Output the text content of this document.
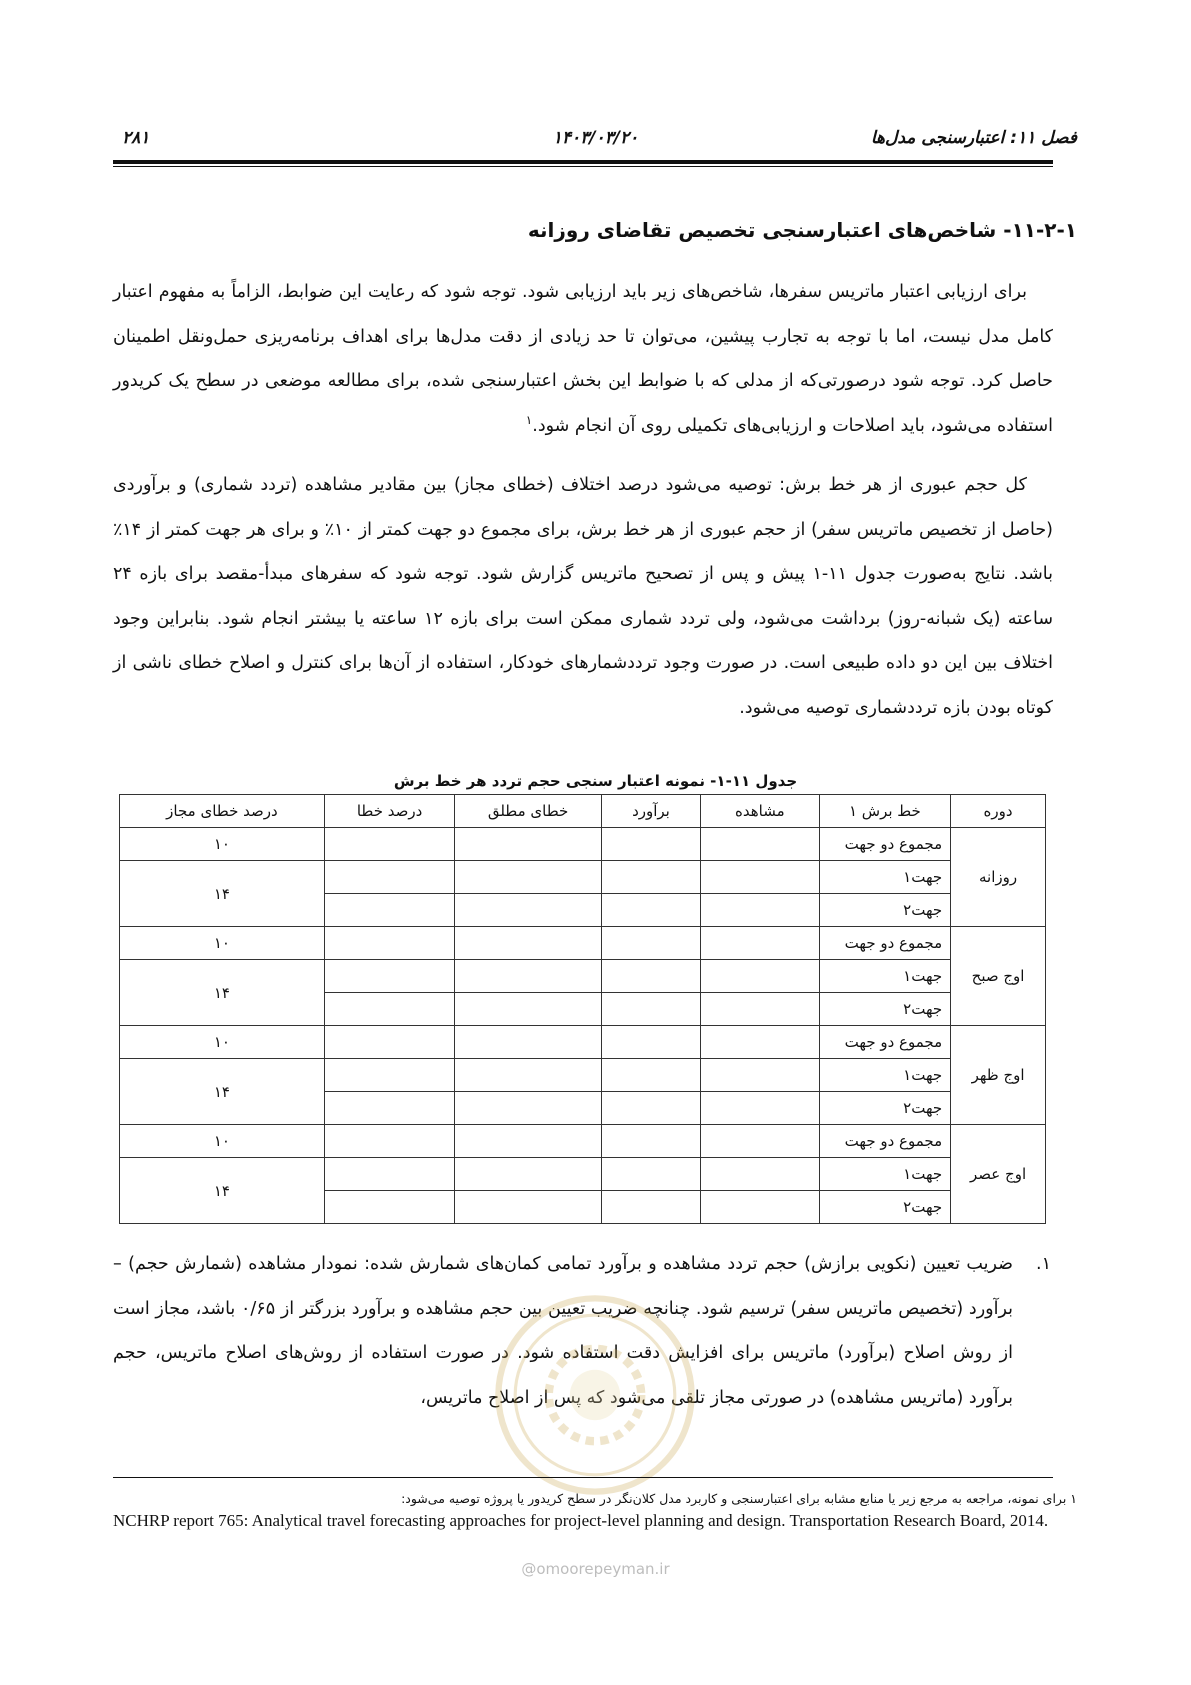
فصل ۱۱: اعتبارسنجی مدل‌ها
۱۴۰۳/۰۳/۲۰
۲۸۱
۱۱-۲-۱- شاخص‌های اعتبارسنجی تخصیص تقاضای روزانه
برای ارزیابی اعتبار ماتریس سفرها، شاخص‌های زیر باید ارزیابی شود. توجه شود که رعایت این ضوابط، الزاماً به مفهوم اعتبار کامل مدل نیست، اما با توجه به تجارب پیشین، می‌توان تا حد زیادی از دقت مدل‌ها برای اهداف برنامه‌ریزی حمل‌ونقل اطمینان حاصل کرد. توجه شود درصورتی‌که از مدلی که با ضوابط این بخش اعتبارسنجی شده، برای مطالعه موضعی در سطح یک کریدور استفاده می‌شود، باید اصلاحات و ارزیابی‌های تکمیلی روی آن انجام شود.$^۱$
کل حجم عبوری از هر خط برش: توصیه می‌شود درصد اختلاف (خطای مجاز) بین مقادیر مشاهده (تردد شماری) و برآوردی (حاصل از تخصیص ماتریس سفر) از حجم عبوری از هر خط برش، برای مجموع دو جهت کمتر از ۱۰٪ و برای هر جهت کمتر از ۱۴٪ باشد. نتایج به‌صورت جدول ۱۱-۱ پیش و پس از تصحیح ماتریس گزارش شود. توجه شود که سفرهای مبدأ-مقصد برای بازه ۲۴ ساعته (یک شبانه-روز) برداشت می‌شود، ولی تردد شماری ممکن است برای بازه ۱۲ ساعته یا بیشتر انجام شود. بنابراین وجود اختلاف بین این دو داده طبیعی است. در صورت وجود ترددشمارهای خودکار، استفاده از آن‌ها برای کنترل و اصلاح خطای ناشی از کوتاه بودن بازه ترددشماری توصیه می‌شود.
جدول ۱۱-۱- نمونه اعتبار سنجی حجم تردد هر خط برش
دوره	خط برش ۱	مشاهده	برآورد	خطای مطلق	درصد خطا	درصد خطای مجاز
روزانه	مجموع دو جهت					۱۰
	جهت۱					۱۴
	جهت۲					
اوج صبح	مجموع دو جهت					۱۰
	جهت۱					۱۴
	جهت۲					
اوج ظهر	مجموع دو جهت					۱۰
	جهت۱					۱۴
	جهت۲					
اوج عصر	مجموع دو جهت					۱۰
	جهت۱					۱۴
	جهت۲					
۱.
ضریب تعیین (نکویی برازش) حجم تردد مشاهده و برآورد تمامی کمان‌های شمارش شده: نمودار مشاهده (شمارش حجم) – برآورد (تخصیص ماتریس سفر) ترسیم شود. چنانچه ضریب تعیین بین حجم مشاهده و برآورد بزرگتر از ۰/۶۵ باشد، مجاز است از روش اصلاح (برآورد) ماتریس برای افزایش دقت استفاده شود. در صورت استفاده از روش‌های اصلاح ماتریس، حجم برآورد (ماتریس مشاهده) در صورتی مجاز تلقی می‌شود که پس از اصلاح ماتریس،
۱ برای نمونه، مراجعه به مرجع زیر یا منابع مشابه برای اعتبارسنجی و کاربرد مدل کلان‌نگر در سطح کریدور یا پروژه توصیه می‌شود:
NCHRP report 765: Analytical travel forecasting approaches for project-level planning and design. Transportation Research Board, 2014.
@omoorepeyman.ir
